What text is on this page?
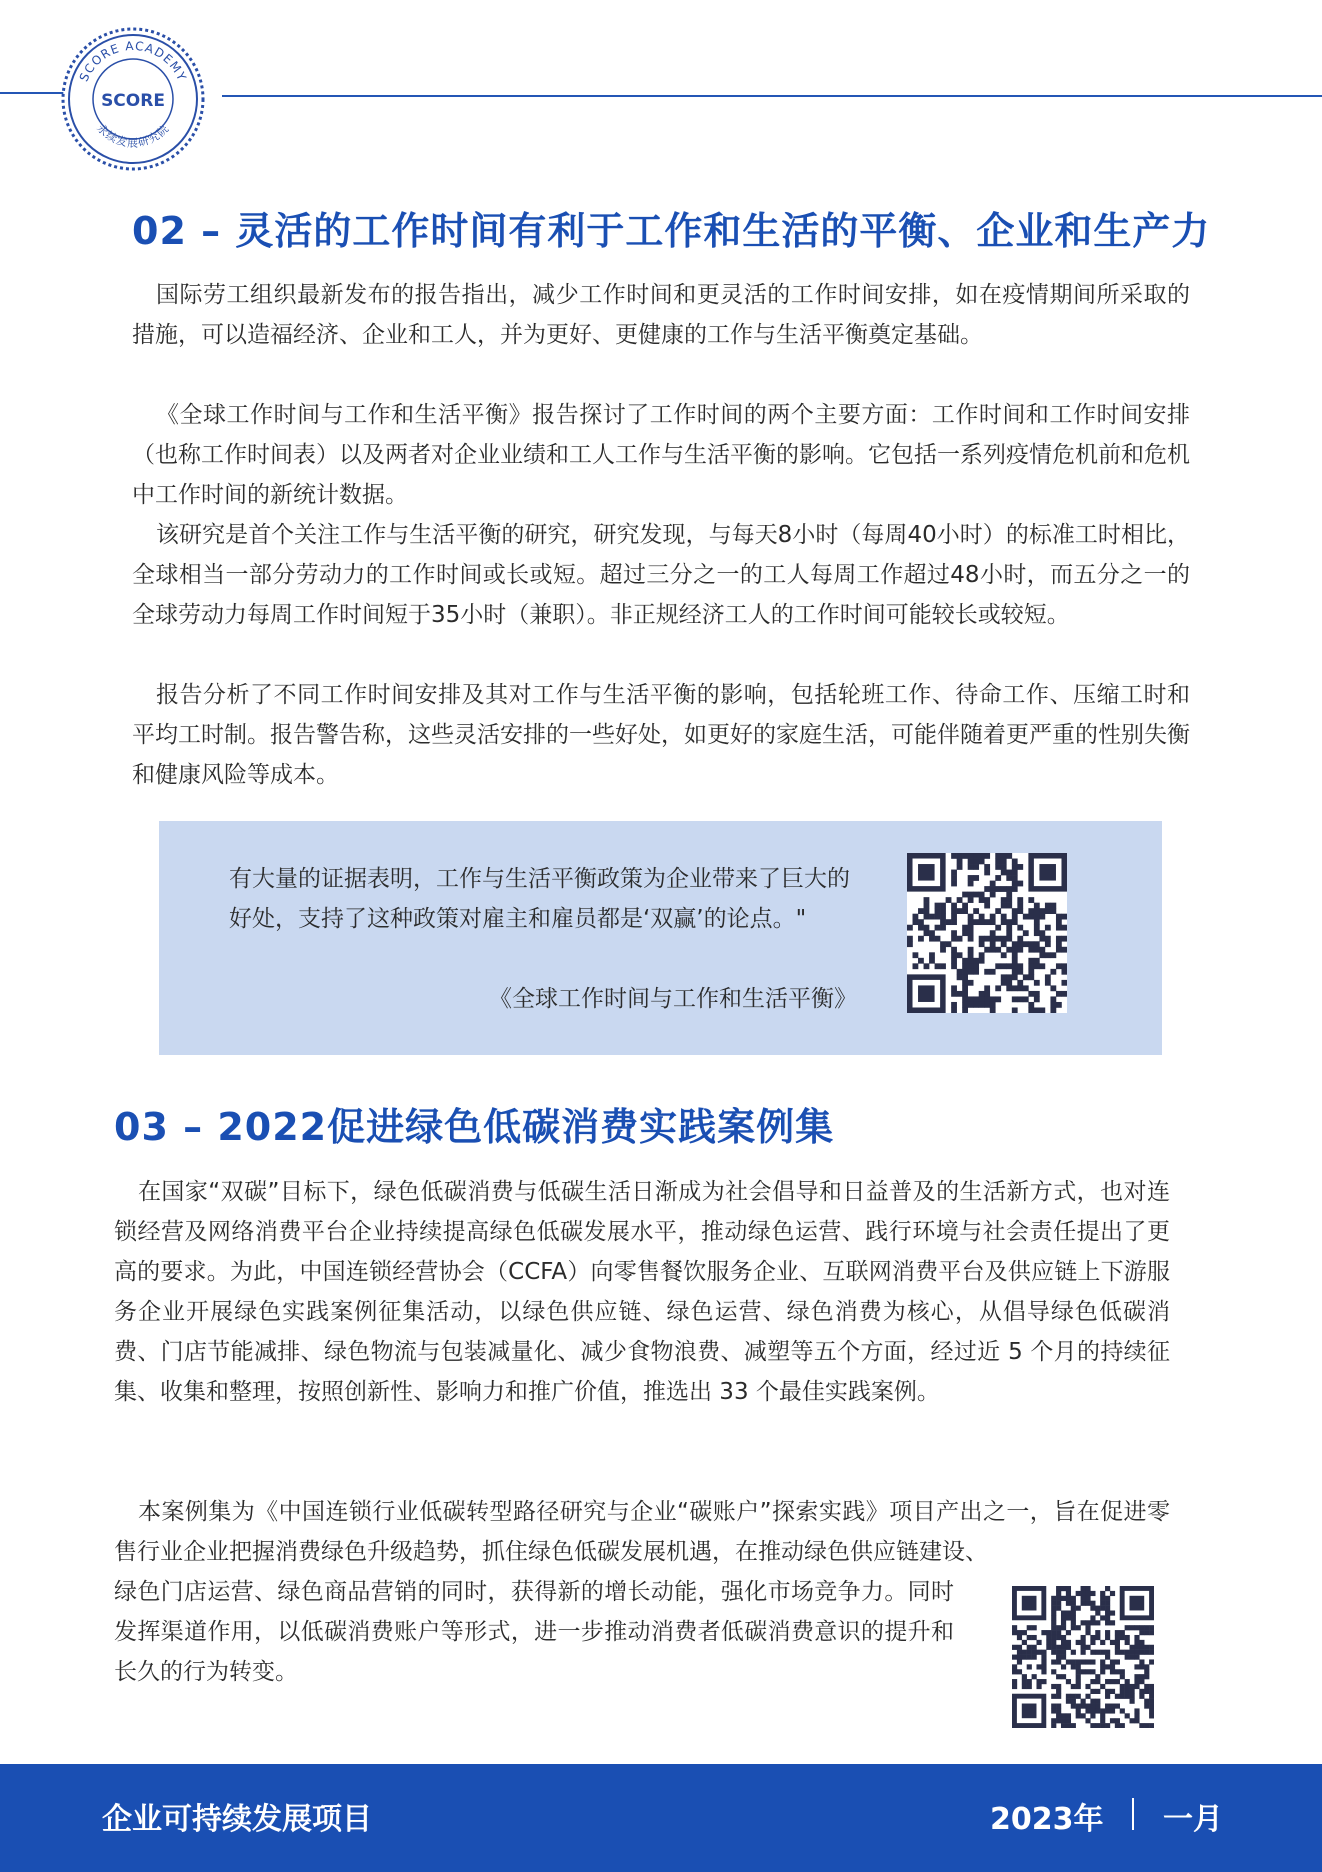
SCORE ACADEMY
永续发展研究院
SCORE
02 – 灵活的工作时间有利于工作和生活的平衡、企业和生产力

国际劳工组织最新发布的报告指出，减少工作时间和更灵活的工作时间安排，如在疫情期间所采取的措施，可以造福经济、企业和工人，并为更好、更健康的工作与生活平衡奠定基础。

《全球工作时间与工作和生活平衡》报告探讨了工作时间的两个主要方面：工作时间和工作时间安排（也称工作时间表）以及两者对企业业绩和工人工作与生活平衡的影响。它包括一系列疫情危机前和危机中工作时间的新统计数据。

该研究是首个关注工作与生活平衡的研究，研究发现，与每天8小时（每周40小时）的标准工时相比，全球相当一部分劳动力的工作时间或长或短。超过三分之一的工人每周工作超过48小时，而五分之一的全球劳动力每周工作时间短于35小时（兼职）。非正规经济工人的工作时间可能较长或较短。

报告分析了不同工作时间安排及其对工作与生活平衡的影响，包括轮班工作、待命工作、压缩工时和平均工时制。报告警告称，这些灵活安排的一些好处，如更好的家庭生活，可能伴随着更严重的性别失衡和健康风险等成本。

有大量的证据表明，工作与生活平衡政策为企业带来了巨大的好处，支持了这种政策对雇主和雇员都是‘双赢’的论点。"

《全球工作时间与工作和生活平衡》

03 – 2022促进绿色低碳消费实践案例集

在国家“双碳”目标下，绿色低碳消费与低碳生活日渐成为社会倡导和日益普及的生活新方式，也对连锁经营及网络消费平台企业持续提高绿色低碳发展水平，推动绿色运营、践行环境与社会责任提出了更高的要求。为此，中国连锁经营协会（CCFA）向零售餐饮服务企业、互联网消费平台及供应链上下游服务企业开展绿色实践案例征集活动，以绿色供应链、绿色运营、绿色消费为核心，从倡导绿色低碳消费、门店节能减排、绿色物流与包装减量化、减少食物浪费、减塑等五个方面，经过近 5 个月的持续征集、收集和整理，按照创新性、影响力和推广价值，推选出 33 个最佳实践案例。

本案例集为《中国连锁行业低碳转型路径研究与企业“碳账户”探索实践》项目产出之一，旨在促进零售行业企业把握消费绿色升级趋势，抓住绿色低碳发展机遇，在推动绿色供应链建设、

绿色门店运营、绿色商品营销的同时，获得新的增长动能，强化市场竞争力。同时发挥渠道作用，以低碳消费账户等形式，进一步推动消费者低碳消费意识的提升和长久的行为转变。

企业可持续发展项目	2023年 一月
